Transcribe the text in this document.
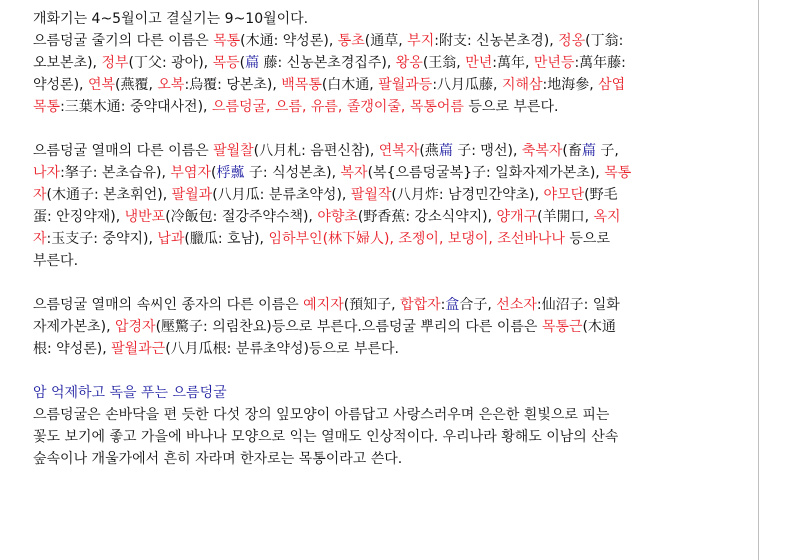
개화기는 4~5월이고 결실기는 9~10월이다.
으름덩굴 줄기의 다른 이름은 목통(木通: 약성론), 통초(通草, 부지:附支: 신농본초경), 정옹(丁翁:
오보본초), 정부(丁父: 광아), 목등(萹 藤: 신농본초경집주), 왕옹(王翁, 만년:萬年, 만년등:萬年藤:
약성론), 연복(燕覆, 오복:烏覆: 당본초), 백목통(白木通, 팔월과등:八月瓜藤, 지해삼:地海參, 삼엽
목통:三葉木通: 중약대사전), 으름덩굴, 으름, 유름, 졸갱이줄, 목통어름 등으로 부른다.
으름덩굴 열매의 다른 이름은 팔월찰(八月札: 음편신참), 연복자(燕萹 子: 맹선), 축복자(畜萹 子,
나자:拏子: 본초습유), 부염자(桴䕯 子: 식성본초), 복자(복{으름덩굴복}子: 일화자제가본초), 목통
자(木通子: 본초휘언), 팔월과(八月瓜: 분류초약성), 팔월작(八月炸: 남경민간약초), 야모단(野毛
蛋: 안징약재), 냉반포(冷飯包: 절강주약수책), 야향초(野香蕉: 강소식약지), 양개구(羊開口, 옥지
자:玉支子: 중약지), 납과(臘瓜: 호남), 임하부인(林下婦人), 조젱이, 보댕이, 조선바나나 등으로
부른다.
으름덩굴 열매의 속씨인 종자의 다른 이름은 예지자(預知子, 합합자:盒合子, 선소자:仙沼子: 일화
자제가본초), 압경자(壓驚子: 의림찬요)등으로 부른다.으름덩굴 뿌리의 다른 이름은 목통근(木通
根: 약성론), 팔월과근(八月瓜根: 분류초약성)등으로 부른다.
암 억제하고 독을 푸는 으름덩굴
으름덩굴은 손바닥을 편 듯한 다섯 장의 잎모양이 아름답고 사랑스러우며 은은한 흰빛으로 피는
꽃도 보기에 좋고 가을에 바나나 모양으로 익는 열매도 인상적이다. 우리나라 황해도 이남의 산속
숲속이나 개울가에서 흔히 자라며 한자로는 목통이라고 쓴다.
